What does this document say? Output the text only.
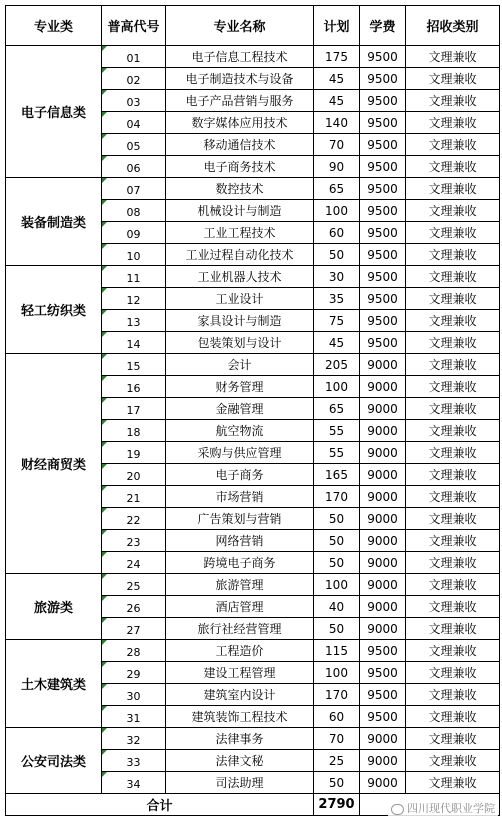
专业类	普高代号	专业名称	计划	学费	招收类别
电子信息类	01	电子信息工程技术	175	9500	文理兼收
	02	电子制造技术与设备	45	9500	文理兼收
	03	电子产品营销与服务	45	9500	文理兼收
	04	数字媒体应用技术	140	9500	文理兼收
	05	移动通信技术	70	9500	文理兼收
	06	电子商务技术	90	9500	文理兼收
装备制造类	07	数控技术	65	9500	文理兼收
	08	机械设计与制造	100	9500	文理兼收
	09	工业工程技术	60	9500	文理兼收
	10	工业过程自动化技术	50	9500	文理兼收
轻工纺织类	11	工业机器人技术	30	9500	文理兼收
	12	工业设计	35	9500	文理兼收
	13	家具设计与制造	75	9500	文理兼收
	14	包装策划与设计	45	9500	文理兼收
财经商贸类	15	会计	205	9000	文理兼收
	16	财务管理	100	9000	文理兼收
	17	金融管理	65	9000	文理兼收
	18	航空物流	55	9000	文理兼收
	19	采购与供应管理	55	9000	文理兼收
	20	电子商务	165	9000	文理兼收
	21	市场营销	170	9000	文理兼收
	22	广告策划与营销	50	9000	文理兼收
	23	网络营销	50	9000	文理兼收
	24	跨境电子商务	50	9000	文理兼收
旅游类	25	旅游管理	100	9000	文理兼收
	26	酒店管理	40	9000	文理兼收
	27	旅行社经营管理	50	9000	文理兼收
土木建筑类	28	工程造价	115	9500	文理兼收
	29	建设工程管理	100	9500	文理兼收
	30	建筑室内设计	170	9500	文理兼收
	31	建筑装饰工程技术	60	9500	文理兼收
公安司法类	32	法律事务	70	9000	文理兼收
	33	法律文秘	25	9000	文理兼收
	34	司法助理	50	9000	文理兼收
合计			2790			四川现代职业学院
